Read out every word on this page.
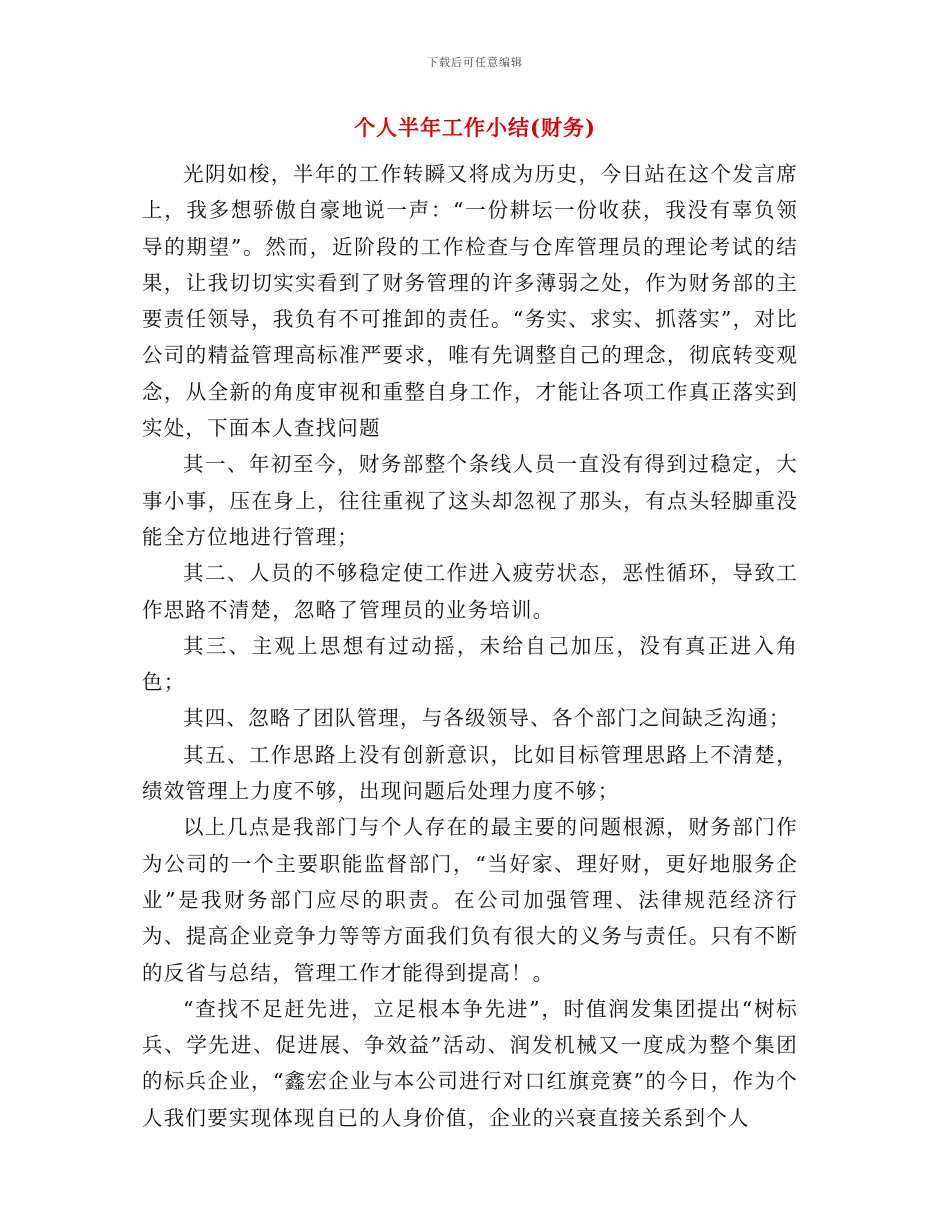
下载后可任意编辑
个人半年工作小结(财务)

光阴如梭，半年的工作转瞬又将成为历史，今日站在这个发言席上，我多想骄傲自豪地说一声：“一份耕坛一份收获，我没有辜负领导的期望”。然而，近阶段的工作检查与仓库管理员的理论考试的结果，让我切切实实看到了财务管理的许多薄弱之处，作为财务部的主要责任领导，我负有不可推卸的责任。“务实、求实、抓落实”，对比公司的精益管理高标准严要求，唯有先调整自己的理念，彻底转变观念，从全新的角度审视和重整自身工作，才能让各项工作真正落实到实处，下面本人查找问题

其一、年初至今，财务部整个条线人员一直没有得到过稳定，大事小事，压在身上，往往重视了这头却忽视了那头，有点头轻脚重没能全方位地进行管理；

其二、人员的不够稳定使工作进入疲劳状态，恶性循环，导致工作思路不清楚，忽略了管理员的业务培训。

其三、主观上思想有过动摇，未给自己加压，没有真正进入角色；

其四、忽略了团队管理，与各级领导、各个部门之间缺乏沟通；

其五、工作思路上没有创新意识，比如目标管理思路上不清楚，绩效管理上力度不够，出现问题后处理力度不够；

以上几点是我部门与个人存在的最主要的问题根源，财务部门作为公司的一个主要职能监督部门，“当好家、理好财，更好地服务企业”是我财务部门应尽的职责。在公司加强管理、法律规范经济行为、提高企业竞争力等等方面我们负有很大的义务与责任。只有不断的反省与总结，管理工作才能得到提高！。

“查找不足赶先进，立足根本争先进”，时值润发集团提出“树标兵、学先进、促进展、争效益”活动、润发机械又一度成为整个集团的标兵企业，“鑫宏企业与本公司进行对口红旗竞赛”的今日，作为个人我们要实现体现自已的人身价值，企业的兴衰直接关系到个人
